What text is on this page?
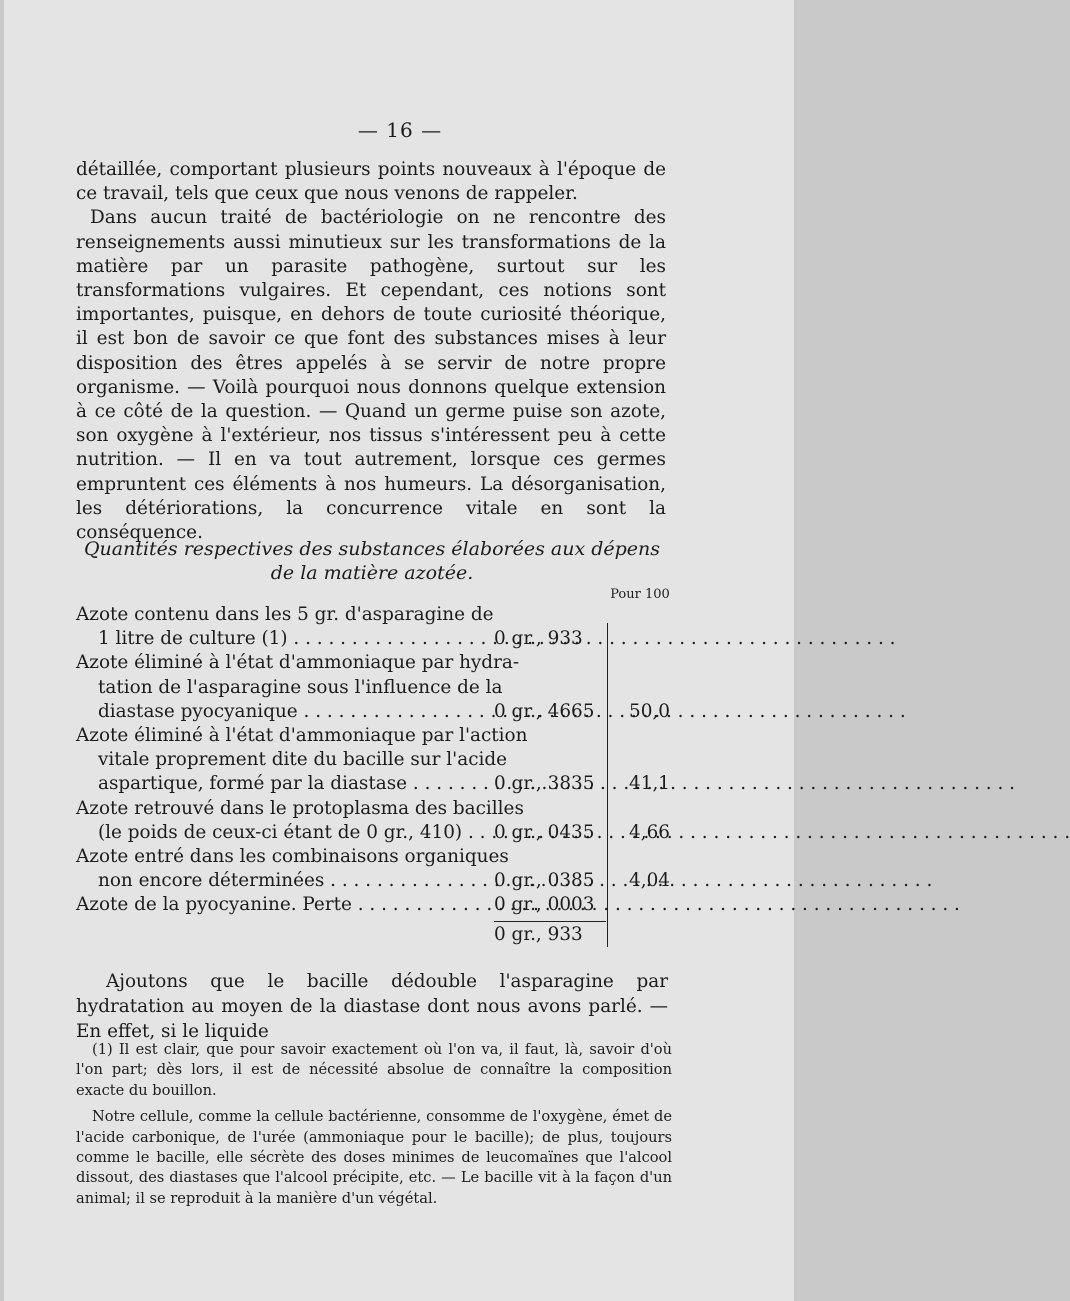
— 16 —

détaillée, comportant plusieurs points nouveaux à l'époque de ce travail, tels que ceux que nous venons de rappeler.

Dans aucun traité de bactériologie on ne rencontre des renseignements aussi minutieux sur les transformations de la matière par un parasite pathogène, surtout sur les transformations vulgaires. Et cependant, ces notions sont importantes, puisque, en dehors de toute curiosité théorique, il est bon de savoir ce que font des substances mises à leur disposition des êtres appelés à se servir de notre propre organisme. — Voilà pourquoi nous donnons quelque extension à ce côté de la question. — Quand un germe puise son azote, son oxygène à l'extérieur, nos tissus s'intéressent peu à cette nutrition. — Il en va tout autrement, lorsque ces germes empruntent ces éléments à nos humeurs. La désorganisation, les détériorations, la concurrence vitale en sont la conséquence.

Quantités respectives des substances élaborées aux dépens
de la matière azotée.
Pour 100
Azote contenu dans les 5 gr. d'asparagine de
1 litre de culture (1) . . .	0 gr., 933
Azote éliminé à l'état d'ammoniaque par hydra-
tation de l'asparagine sous l'influence de la
diastase pyocyanique . . .	0 gr., 4665	50,0
Azote éliminé à l'état d'ammoniaque par l'action
vitale proprement dite du bacille sur l'acide
aspartique, formé par la diastase . . .	0 gr., 3835	41,1
Azote retrouvé dans le protoplasma des bacilles
(le poids de ceux-ci étant de 0 gr., 410) . . . 0 gr., 0435	4,66
Azote entré dans les combinaisons organiques
non encore déterminées . . .	0 gr., 0385	4,04
Azote de la pyocyanine. Perte . . .	0 gr., 0003
0 gr., 933
Ajoutons que le bacille dédouble l'asparagine par hydratation au moyen de la diastase dont nous avons parlé. — En effet, si le liquide

(1) Il est clair, que pour savoir exactement où l'on va, il faut, là, savoir d'où l'on part; dès lors, il est de nécessité absolue de connaître la composition exacte du bouillon.

Notre cellule, comme la cellule bactérienne, consomme de l'oxygène, émet de l'acide carbonique, de l'urée (ammoniaque pour le bacille); de plus, toujours comme le bacille, elle sécrète des doses minimes de leucomaïnes que l'alcool dissout, des diastases que l'alcool précipite, etc. — Le bacille vit à la façon d'un animal; il se reproduit à la manière d'un végétal.
